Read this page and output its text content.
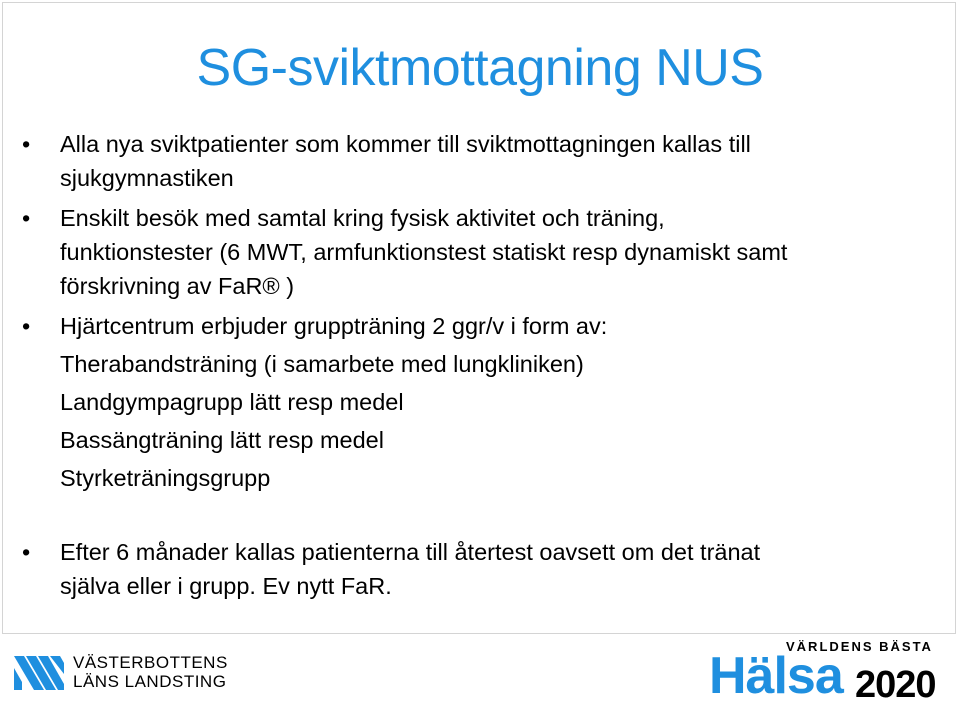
SG-sviktmottagning NUS
• Alla nya sviktpatienter som kommer till sviktmottagningen kallas till
sjukgymnastiken
• Enskilt besök med samtal kring fysisk aktivitet och träning,
funktionstester (6 MWT, armfunktionstest statiskt resp dynamiskt samt
förskrivning av FaR® )
• Hjärtcentrum erbjuder gruppträning 2 ggr/v i form av:
Therabandsträning (i samarbete med lungkliniken)
Landgympagrupp lätt resp medel
Bassängträning lätt resp medel
Styrketräningsgrupp
• Efter 6 månader kallas patienterna till återtest oavsett om det tränat
själva eller i grupp. Ev nytt FaR.
VÄSTERBOTTENS
LÄNS LANDSTING
VÄRLDENS BÄSTA
Hälsa 2020
